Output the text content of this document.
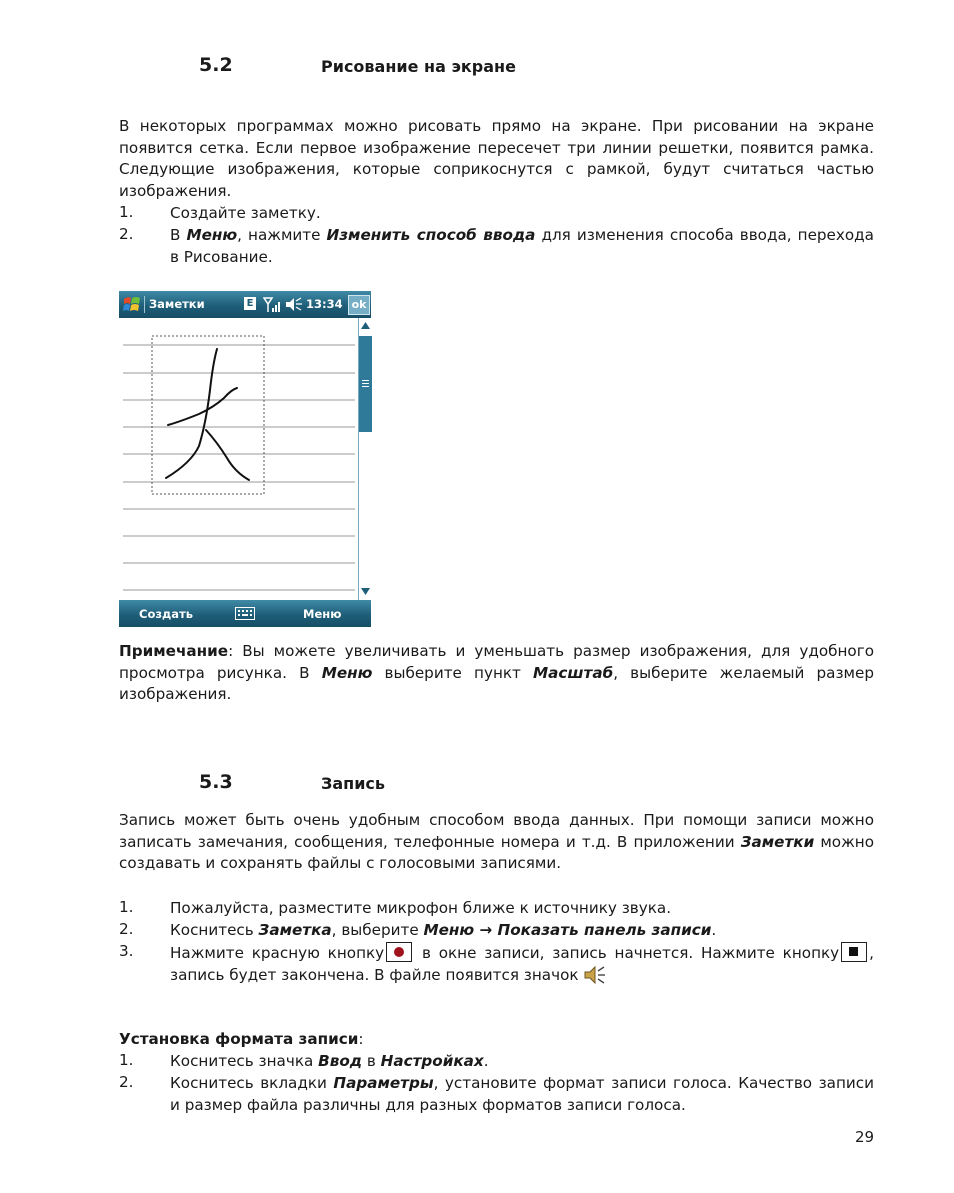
5.2	Рисование на экране
В некоторых программах можно рисовать прямо на экране. При рисовании на экране появится сетка. Если первое изображение пересечет три линии решетки, появится рамка. Следующие изображения, которые соприкоснутся с рамкой, будут считаться частью изображения.
1. Создайте заметку.
2. В Меню, нажмите Изменить способ ввода для изменения способа ввода, перехода в Рисование.
Заметки	E	13:34 ok
Создать	Меню
Примечание: Вы можете увеличивать и уменьшать размер изображения, для удобного просмотра рисунка. В Меню выберите пункт Масштаб, выберите желаемый размер изображения.
5.3	Запись
Запись может быть очень удобным способом ввода данных. При помощи записи можно записать замечания, сообщения, телефонные номера и т.д. В приложении Заметки можно создавать и сохранять файлы с голосовыми записями.
1. Пожалуйста, разместите микрофон ближе к источнику звука.
2. Коснитесь Заметка, выберите Меню → Показать панель записи.
3. Нажмите красную кнопку
в окне записи, запись начнется. Нажмите кнопку , запись будет закончена. В файле появится значок
Установка формата записи:
1. Коснитесь значка Ввод в Настройках.
2. Коснитесь вкладки Параметры, установите формат записи голоса. Качество записи и размер файла различны для разных форматов записи голоса.
29
